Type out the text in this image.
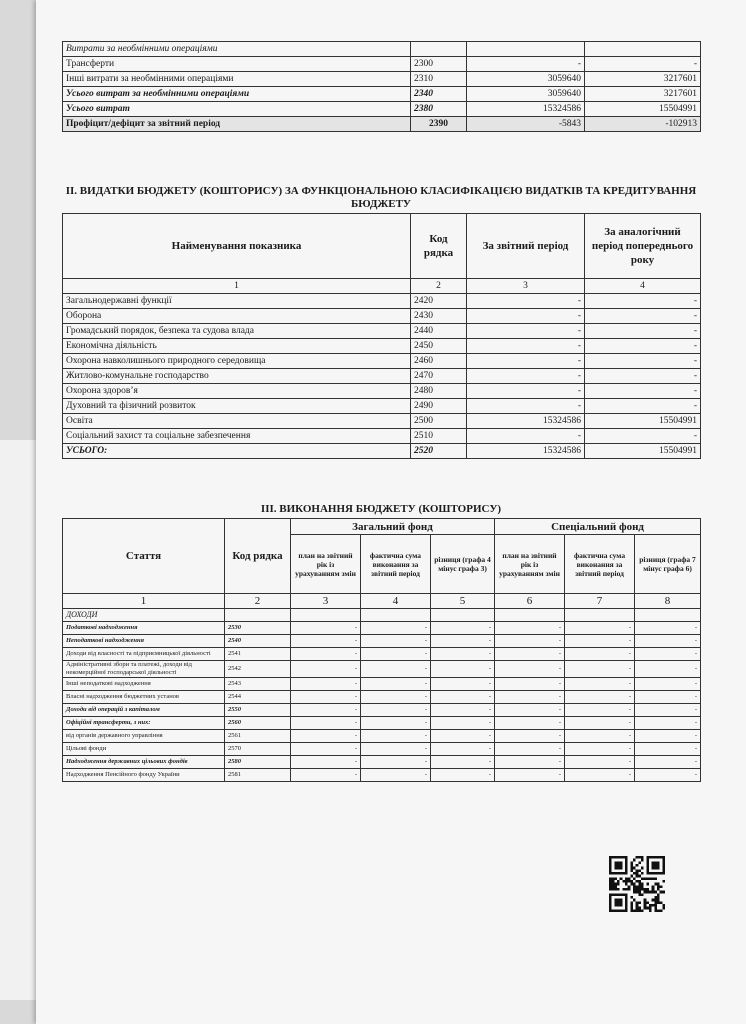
Витрати за необмінними операціями			
Трансферти	2300	-	-
Інші витрати за необмінними операціями	2310	3059640	3217601
Усього витрат за необмінними операціями	2340	3059640	3217601
Усього витрат	2380	15324586	15504991
Профіцит/дефіцит за звітний період	2390	-5843	-102913
ІІ. ВИДАТКИ БЮДЖЕТУ (КОШТОРИСУ) ЗА ФУНКЦІОНАЛЬНОЮ КЛАСИФІКАЦІЄЮ ВИДАТКІВ ТА КРЕДИТУВАННЯ БЮДЖЕТУ
Найменування показника	Код рядка	За звітний період	За аналогічний період попереднього року
1	2	3	4
Загальнодержавні функції	2420	-	-
Оборона	2430	-	-
Громадський порядок, безпека та судова влада	2440	-	-
Економічна діяльність	2450	-	-
Охорона навколишнього природного середовища	2460	-	-
Житлово-комунальне господарство	2470	-	-
Охорона здоров’я	2480	-	-
Духовний та фізичний розвиток	2490	-	-
Освіта	2500	15324586	15504991
Соціальний захист та соціальне забезпечення	2510	-	-
УСЬОГО:	2520	15324586	15504991
ІІІ. ВИКОНАННЯ БЮДЖЕТУ (КОШТОРИСУ)
Стаття	Код рядка	Загальний фонд			Спеціальний фонд		
		план на звітний рік із урахуванням змін	фактична сума виконання за звітний період	різниця (графа 4 мінус графа 3)	план на звітний рік із урахуванням змін	фактична сума виконання за звітний період	різниця (графа 7 мінус графа 6)
1	2	3	4	5	6	7	8
ДОХОДИ							
Податкові надходження	2530	-	-	-	-	-	-
Неподаткові надходження	2540	-	-	-	-	-	-
Доходи від власності та підприємницької діяльності	2541	-	-	-	-	-	-
Адміністративні збори та платежі, доходи від некомерційної господарської діяльності	2542	-	-	-	-	-	-
Інші неподаткові надходження	2543	-	-	-	-	-	-
Власні надходження бюджетних установ	2544	-	-	-	-	-	-
Доходи від операцій з капіталом	2550	-	-	-	-	-	-
Офіційні трансферти, з них:	2560	-	-	-	-	-	-
від органів державного управління	2561	-	-	-	-	-	-
Цільові фонди	2570	-	-	-	-	-	-
Надходження державних цільових фондів	2580	-	-	-	-	-	-
Надходження Пенсійного фонду України	2581	-	-	-	-	-	-
